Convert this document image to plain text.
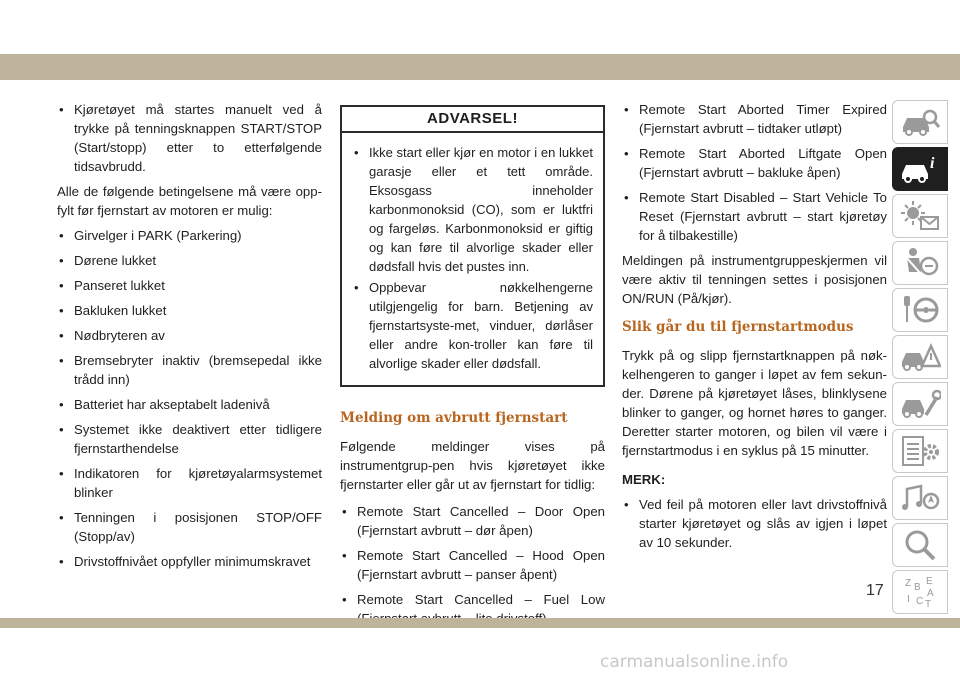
• Kjøretøyet må startes manuelt ved å trykke på tenningsknappen START/STOP (Start/stopp) etter to etterfølgende tidsavbrudd.

Alle de følgende betingelsene må være opp-fylt før fjernstart av motoren er mulig:

• Girvelger i PARK (Parkering)
• Dørene lukket
• Panseret lukket
• Bakluken lukket
• Nødbryteren av
• Bremsebryter inaktiv (bremsepedal ikke trådd inn)
• Batteriet har akseptabelt ladenivå
• Systemet ikke deaktivert etter tidligere fjernstarthendelse
• Indikatoren for kjøretøyalarmsystemet blinker
• Tenningen i posisjonen STOP/OFF (Stopp/av)
• Drivstoffnivået oppfyller minimumskravet
ADVARSEL!
• Ikke start eller kjør en motor i en lukket garasje eller et tett område. Eksosgass inneholder karbonmonoksid (CO), som er luktfri og fargeløs. Karbonmonoksid er giftig og kan føre til alvorlige skader eller dødsfall hvis det pustes inn.
• Oppbevar nøkkelhengerne utilgjengelig for barn. Betjening av fjernstartsyste-met, vinduer, dørlåser eller andre kon-troller kan føre til alvorlige skader eller dødsfall.
Melding om avbrutt fjernstart

Følgende meldinger vises på instrumentgrup-pen hvis kjøretøyet ikke fjernstarter eller går ut av fjernstart for tidlig:

• Remote Start Cancelled – Door Open (Fjernstart avbrutt – dør åpen)
• Remote Start Cancelled – Hood Open (Fjernstart avbrutt – panser åpent)
• Remote Start Cancelled – Fuel Low
• Remote Start Aborted Timer Expired (Fjernstart avbrutt – tidtaker utløpt)
• Remote Start Aborted Liftgate Open (Fjernstart avbrutt – bakluke åpen)
• Remote Start Disabled – Start Vehicle To Reset (Fjernstart avbrutt – start kjøretøy for å tilbakestille)

Meldingen på instrumentgruppeskjermen vil være aktiv til tenningen settes i posisjonen ON/RUN (På/kjør).

Slik går du til fjernstartmodus

Trykk på og slipp fjernstartknappen på nøk-kelhengeren to ganger i løpet av fem sekun-der. Dørene på kjøretøyet låses, blinklysene blinker to ganger, og hornet høres to ganger. Deretter starter motoren, og bilen vil være i fjernstartmodus i en syklus på 15 minutter.

MERK:
• Ved feil på motoren eller lavt drivstoffnivå starter kjøretøyet og slås av igjen i løpet av 10 sekunder.
i
Z B
E
A
I C T
17
carmanualsonline.info
